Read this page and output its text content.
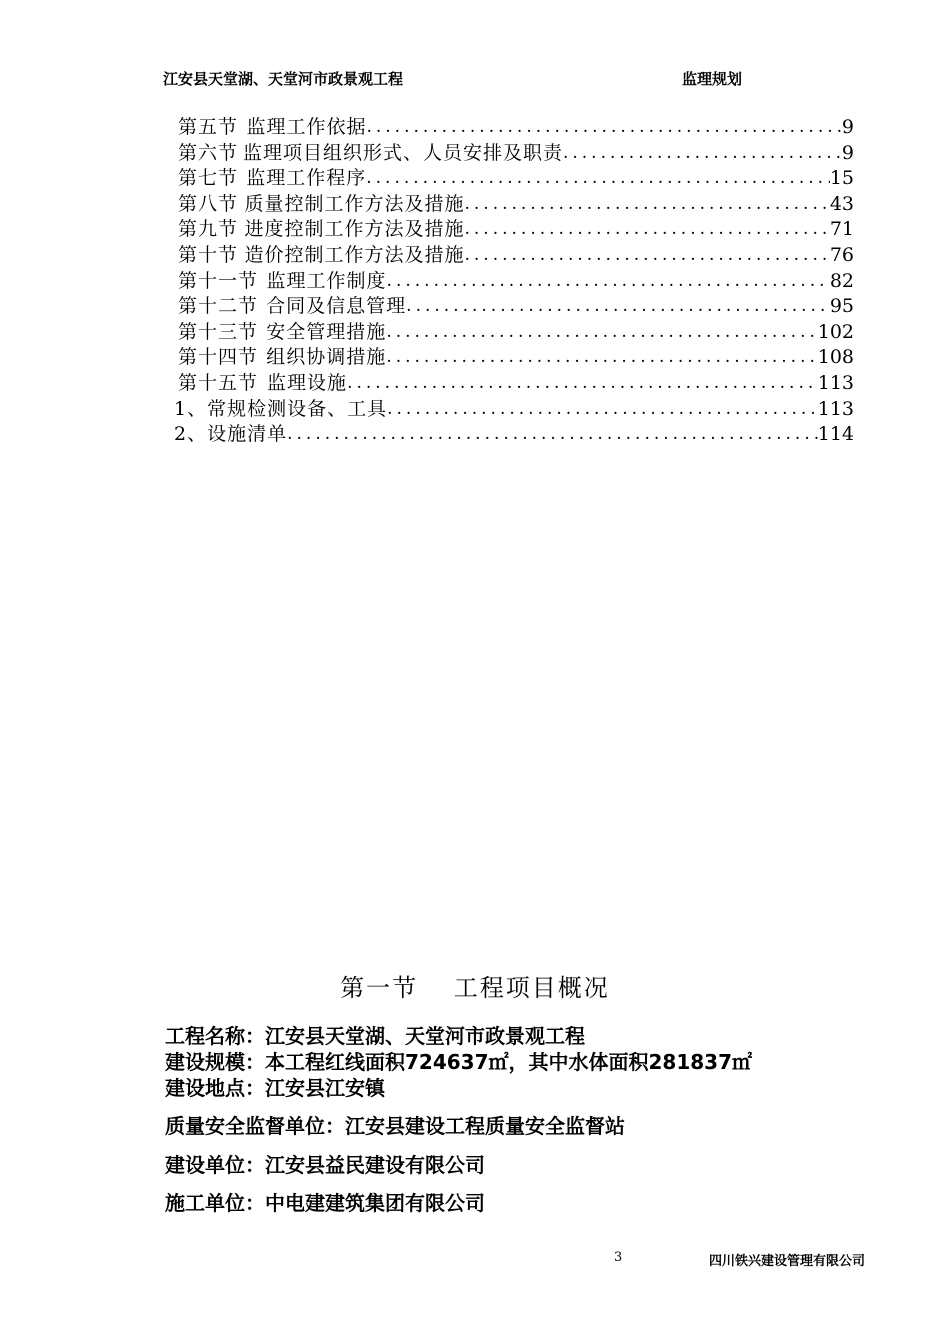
江安县天堂湖、天堂河市政景观工程	监理规划
第五节 监理工作依据 .....	9
第六节 监理项目组织形式、人员安排及职责 .....	9
第七节 监理工作程序 .....	15
第八节 质量控制工作方法及措施 .....	43
第九节 进度控制工作方法及措施 .....	71
第十节 造价控制工作方法及措施 .....	76
第十一节 监理工作制度 .....	82
第十二节 合同及信息管理 .....	95
第十三节 安全管理措施 .....	102
第十四节 组织协调措施 .....	108
第十五节 监理设施 .....	113
1、 常规检测设备、工具 .....	113
2、 设施清单 .....	114
第一节　 工程项目概况
工程名称：江安县天堂湖、天堂河市政景观工程
建设规模：本工程红线面积724637㎡，其中水体面积281837㎡
建设地点：江安县江安镇
质量安全监督单位：江安县建设工程质量安全监督站
建设单位：江安县益民建设有限公司
施工单位：中电建建筑集团有限公司
3	四川铁兴建设管理有限公司
